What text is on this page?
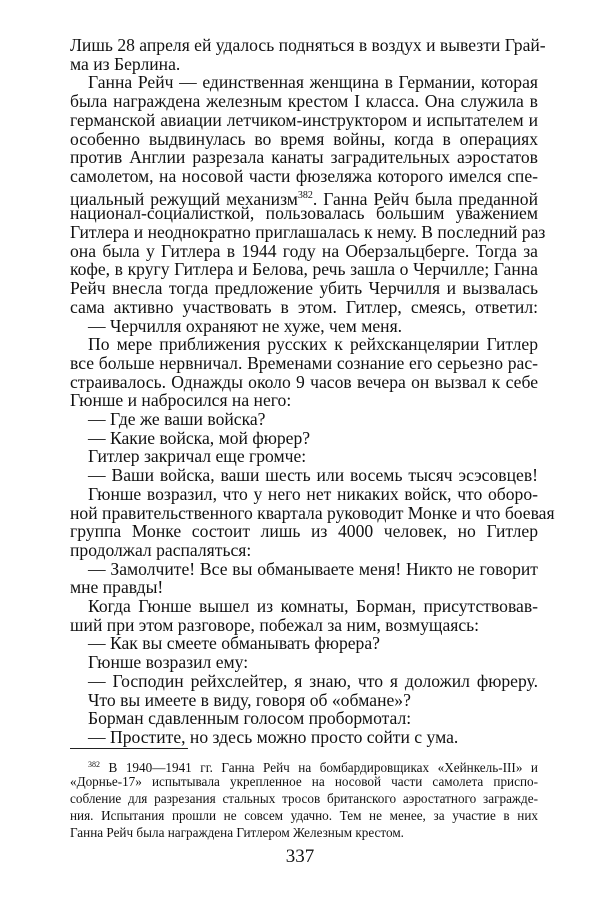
Лишь 28 апреля ей удалось подняться в воздух и вывезти Грай-
ма из Берлина.
Ганна Рейч — единственная женщина в Германии, которая
была награждена железным крестом I класса. Она служила в
германской авиации летчиком-инструктором и испытателем и
особенно выдвинулась во время войны, когда в операциях
против Англии разрезала канаты заградительных аэростатов
самолетом, на носовой части фюзеляжа которого имелся спе-
циальный режущий механизм$^{382}$. Ганна Рейч была преданной
национал-социалисткой, пользовалась большим уважением
Гитлера и неоднократно приглашалась к нему. В последний раз
она была у Гитлера в 1944 году на Оберзальцберге. Тогда за
кофе, в кругу Гитлера и Белова, речь зашла о Черчилле; Ганна
Рейч внесла тогда предложение убить Черчилля и вызвалась
сама активно участвовать в этом. Гитлер, смеясь, ответил:
— Черчилля охраняют не хуже, чем меня.
По мере приближения русских к рейхсканцелярии Гитлер
все больше нервничал. Временами сознание его серьезно рас-
страивалось. Однажды около 9 часов вечера он вызвал к себе
Гюнше и набросился на него:
— Где же ваши войска?
— Какие войска, мой фюрер?
Гитлер закричал еще громче:
— Ваши войска, ваши шесть или восемь тысяч эсэсовцев!
Гюнше возразил, что у него нет никаких войск, что оборо-
ной правительственного квартала руководит Монке и что боевая
группа Монке состоит лишь из 4000 человек, но Гитлер
продолжал распаляться:
— Замолчите! Все вы обманываете меня! Никто не говорит
мне правды!
Когда Гюнше вышел из комнаты, Борман, присутствовав-
ший при этом разговоре, побежал за ним, возмущаясь:
— Как вы смеете обманывать фюрера?
Гюнше возразил ему:
— Господин рейхслейтер, я знаю, что я доложил фюреру.
Что вы имеете в виду, говоря об «обмане»?
Борман сдавленным голосом пробормотал:
— Простите, но здесь можно просто сойти с ума.
$^{382}$ В 1940—1941 гг. Ганна Рейч на бомбардировщиках «Хейнкель-III» и
«Дорнье-17» испытывала укрепленное на носовой части самолета приспо-
собление для разрезания стальных тросов британского аэростатного загражде-
ния. Испытания прошли не совсем удачно. Тем не менее, за участие в них
Ганна Рейч была награждена Гитлером Железным крестом.
337
